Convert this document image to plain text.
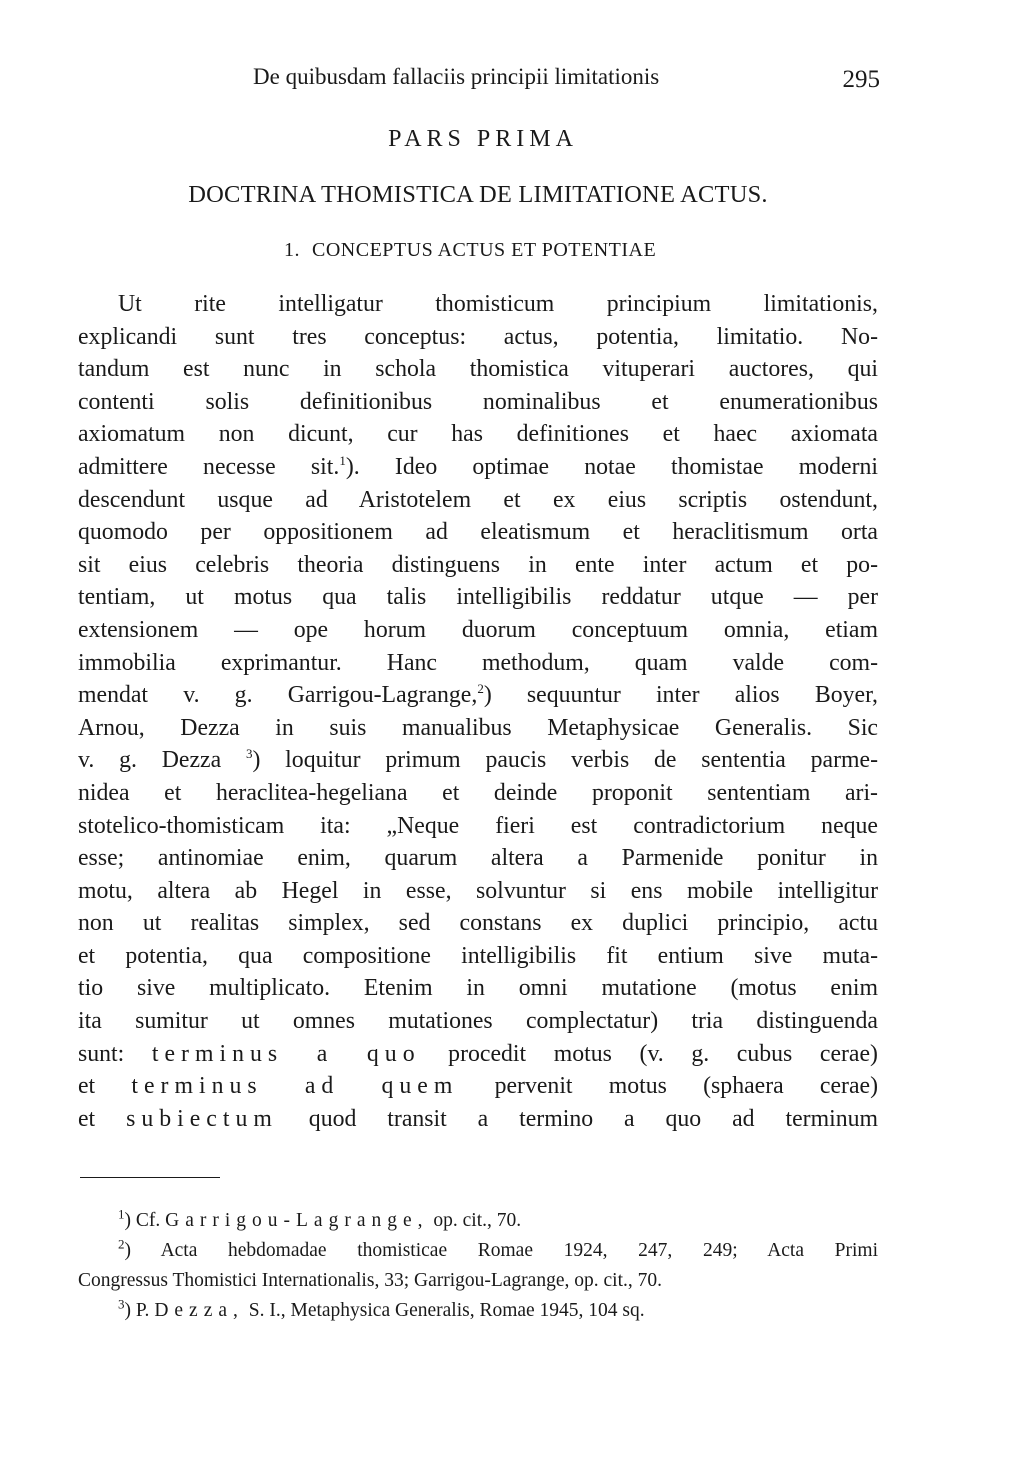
De quibusdam fallaciis principii limitationis	295
PARS PRIMA
DOCTRINA THOMISTICA DE LIMITATIONE ACTUS.
1. CONCEPTUS ACTUS ET POTENTIAE
Ut rite intelligatur thomisticum principium limitationis,
explicandi sunt tres conceptus: actus, potentia, limitatio. No-
tandum est nunc in schola thomistica vituperari auctores, qui
contenti solis definitionibus nominalibus et enumerationibus
axiomatum non dicunt, cur has definitiones et haec axiomata
admittere necesse sit.$^1$). Ideo optimae notae thomistae moderni
descendunt usque ad Aristotelem et ex eius scriptis ostendunt,
quomodo per oppositionem ad eleatismum et heraclitismum orta
sit eius celebris theoria distinguens in ente inter actum et po-
tentiam, ut motus qua talis intelligibilis reddatur utque — per
extensionem — ope horum duorum conceptuum omnia, etiam
immobilia exprimantur. Hanc methodum, quam valde com-
mendat v. g. Garrigou-Lagrange,$^2$) sequuntur inter alios Boyer,
Arnou, Dezza in suis manualibus Metaphysicae Generalis. Sic
v. g. Dezza $^3$) loquitur primum paucis verbis de sententia parme-
nidea et heraclitea-hegeliana et deinde proponit sententiam ari-
stotelico-thomisticam ita: „Neque fieri est contradictorium neque
esse; antinomiae enim, quarum altera a Parmenide ponitur in
motu, altera ab Hegel in esse, solvuntur si ens mobile intelligitur
non ut realitas simplex, sed constans ex duplici principio, actu
et potentia, qua compositione intelligibilis fit entium sive muta-
tio sive multiplicato. Etenim in omni mutatione (motus enim
ita sumitur ut omnes mutationes complectatur) tria distinguenda
sunt: terminus a quo procedit motus (v. g. cubus cerae)
et terminus ad quem pervenit motus (sphaera cerae)
et subiectum quod transit a termino a quo ad terminum
$^1$) Cf. Garrigou-Lagrange, op. cit., 70.
$^2$) Acta hebdomadae thomisticae Romae 1924, 247, 249; Acta Primi
Congressus Thomistici Internationalis, 33; Garrigou-Lagrange, op. cit., 70.
$^3$) P. Dezza, S. I., Metaphysica Generalis, Romae 1945, 104 sq.
